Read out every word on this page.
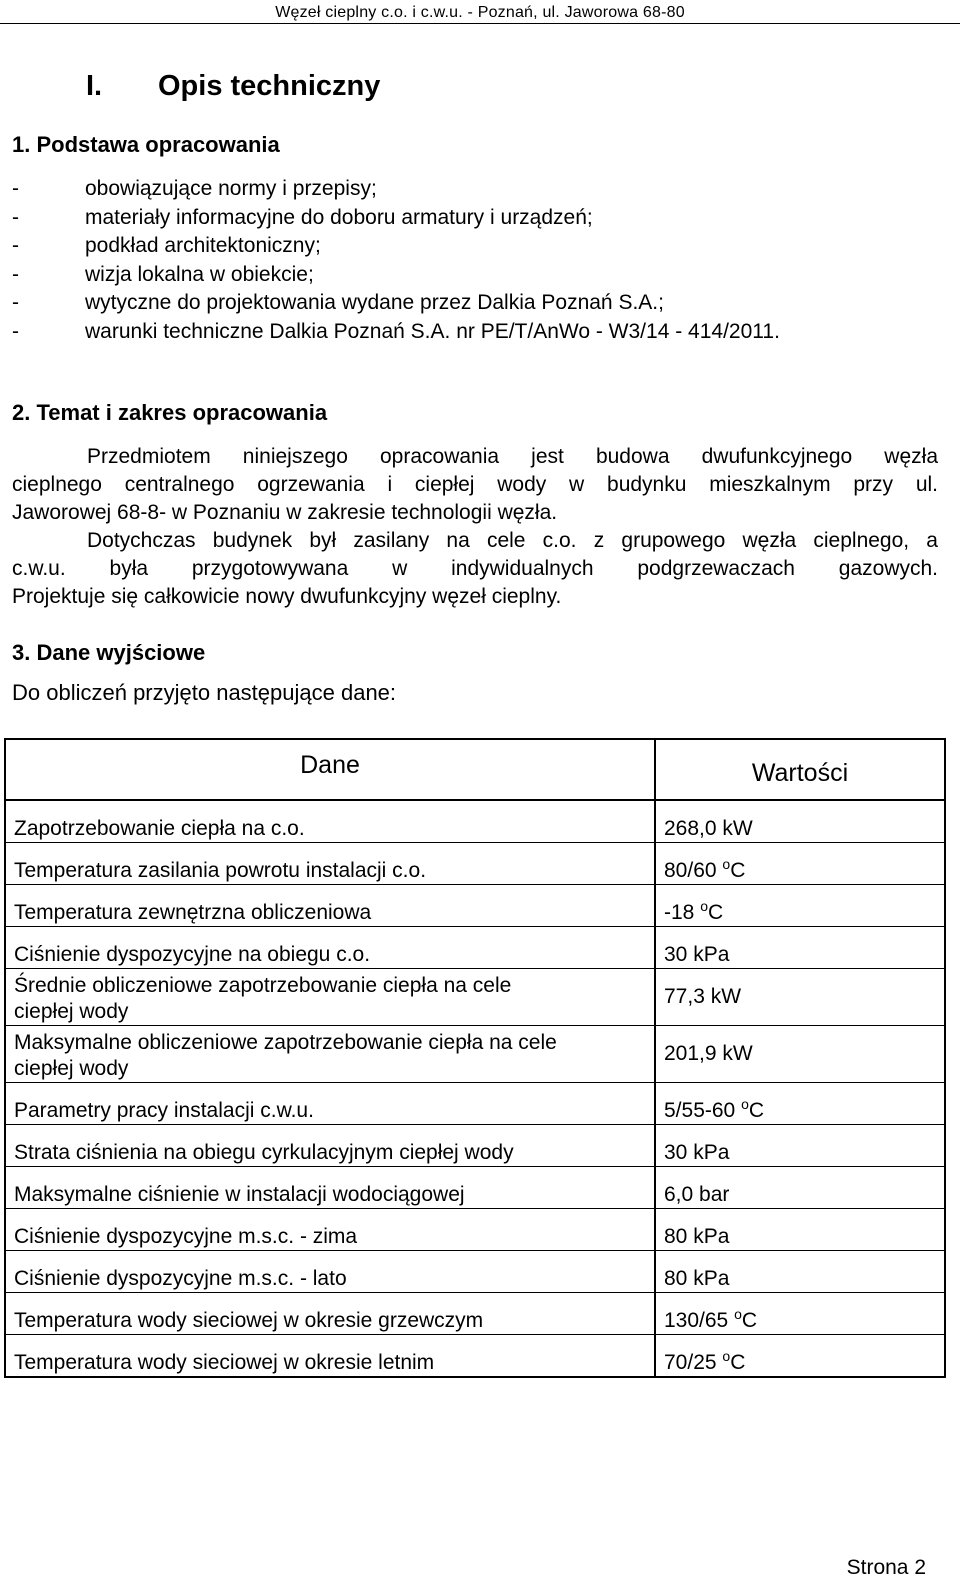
Węzeł cieplny c.o. i c.w.u. - Poznań, ul. Jaworowa 68-80
I. Opis techniczny
1. Podstawa opracowania
-	obowiązujące normy i przepisy;
-	materiały informacyjne do doboru armatury i urządzeń;
-	podkład architektoniczny;
-	wizja lokalna w obiekcie;
-	wytyczne do projektowania wydane przez Dalkia Poznań S.A.;
-	warunki techniczne Dalkia Poznań S.A. nr PE/T/AnWo - W3/14 - 414/2011.
2. Temat i zakres opracowania
Przedmiotem niniejszego opracowania jest budowa dwufunkcyjnego węzła
cieplnego centralnego ogrzewania i ciepłej wody w budynku mieszkalnym przy ul.
Jaworowej 68-8- w Poznaniu w zakresie technologii węzła.
Dotychczas budynek był zasilany na cele c.o. z grupowego węzła cieplnego, a
c.w.u. była przygotowywana w indywidualnych podgrzewaczach gazowych.
Projektuje się całkowicie nowy dwufunkcyjny węzeł cieplny.
3. Dane wyjściowe
Do obliczeń przyjęto następujące dane:
Dane	Wartości
Zapotrzebowanie ciepła na c.o.	268,0 kW
Temperatura zasilania powrotu instalacji c.o.	80/60 $^o$C
Temperatura zewnętrzna obliczeniowa	-18 $^o$C
Ciśnienie dyspozycyjne na obiegu c.o.	30 kPa
Średnie obliczeniowe zapotrzebowanie ciepła na cele
ciepłej wody	77,3 kW
Maksymalne obliczeniowe zapotrzebowanie ciepła na cele
ciepłej wody	201,9 kW
Parametry pracy instalacji c.w.u.	5/55-60 $^o$C
Strata ciśnienia na obiegu cyrkulacyjnym ciepłej wody	30 kPa
Maksymalne ciśnienie w instalacji wodociągowej	6,0 bar
Ciśnienie dyspozycyjne m.s.c. - zima	80 kPa
Ciśnienie dyspozycyjne m.s.c. - lato	80 kPa
Temperatura wody sieciowej w okresie grzewczym	130/65 $^o$C
Temperatura wody sieciowej w okresie letnim	70/25 $^o$C
Strona 2
